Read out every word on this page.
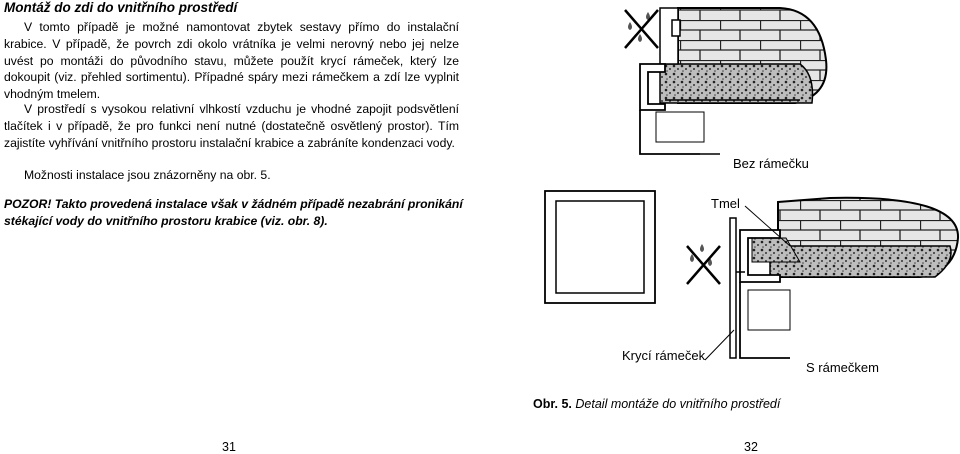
Montáž do zdi do vnitřního prostředí
V tomto případě je možné namontovat zbytek sestavy přímo do instalační krabice. V případě, že povrch zdi okolo vrátníka je velmi nerovný nebo jej nelze uvést po montáži do původního stavu, můžete použít krycí rámeček, který lze dokoupit (viz. přehled sortimentu). Případné spáry mezi rámečkem a zdí lze vyplnit vhodným tmelem.
V prostředí s vysokou relativní vlhkostí vzduchu je vhodné zapojit podsvětlení tlačítek i v případě, že pro funkci není nutné (dostatečně osvětlený prostor). Tím zajistíte vyhřívání vnitřního prostoru instalační krabice a zabráníte kondenzaci vody.
Možnosti instalace jsou znázorněny na obr. 5.
POZOR! Takto provedená instalace však v žádném případě nezabrání pronikání stékající vody do vnitřního prostoru krabice (viz. obr. 8).
Bez rámečku
Tmel
Krycí rámeček
S rámečkem
Obr. 5. Detail montáže do vnitřního prostředí
31	32
